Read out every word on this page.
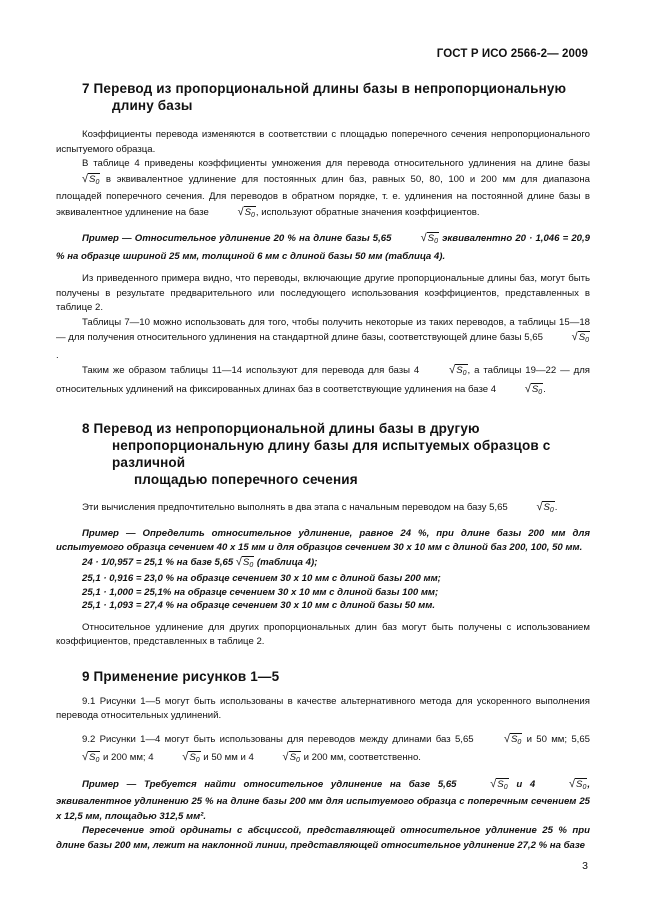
ГОСТ Р ИСО 2566-2— 2009
7 Перевод из пропорциональной длины базы в непропорциональную
длину базы

Коэффициенты перевода изменяются в соответствии с площадью поперечного сечения непропорционального испытуемого образца.

В таблице 4 приведены коэффициенты умножения для перевода относительного удлинения на длине базы $√S_0$ в эквивалентное удлинение для постоянных длин баз, равных 50, 80, 100 и 200 мм для диапазона площадей поперечного сечения. Для переводов в обратном порядке, т. е. удлинения на постоянной длине базы в эквивалентное удлинение на базе	$√S_0$, используют обратные значения коэффициентов.

Пример — Относительное удлинение 20 % на длине базы 5,65	$√S_0$ эквивалентно 20 · 1,046 = 20,9 % на образце шириной 25 мм, толщиной 6 мм с длиной базы 50 мм (таблица 4).

Из приведенного примера видно, что переводы, включающие другие пропорциональные длины баз, могут быть получены в результате предварительного или последующего использования коэффициентов, представленных в таблице 2.

Таблицы 7—10 можно использовать для того, чтобы получить некоторые из таких переводов, а таблицы 15—18 — для получения относительного удлинения на стандартной длине базы, соответствующей длине базы 5,65	$√S_0$.

Таким же образом таблицы 11—14 используют для перевода для базы 4	$√S_0$, а таблицы 19—22 — для относительных удлинений на фиксированных длинах баз в соответствующие удлинения на базе 4	$√S_0$.

8 Перевод из непропорциональной длины базы в другую
непропорциональную длину базы для испытуемых образцов с различной
площадью поперечного сечения

Эти вычисления предпочтительно выполнять в два этапа с начальным переводом на базу 5,65	$√S_0$.

Пример — Определить относительное удлинение, равное 24 %, при длине базы 200 мм для испытуемого образца сечением 40 x 15 мм и для образцов сечением 30 x 10 мм с длиной баз 200, 100, 50 мм.

24 · 1/0,957 = 25,1 % на базе 5,65 $√S_0$ (таблица 4);
25,1 · 0,916 = 23,0 % на образце сечением 30 x 10 мм с длиной базы 200 мм;
25,1 · 1,000 = 25,1% на образце сечением 30 x 10 мм с длиной базы 100 мм;
25,1 · 1,093 = 27,4 % на образце сечением 30 x 10 мм с длиной базы 50 мм.

Относительное удлинение для других пропорциональных длин баз могут быть получены с использованием коэффициентов, представленных в таблице 2.

9 Применение рисунков 1—5

9.1 Рисунки 1—5 могут быть использованы в качестве альтернативного метода для ускоренного выполнения перевода относительных удлинений.

9.2 Рисунки 1—4 могут быть использованы для переводов между длинами баз 5,65	$√S_0$ и 50 мм; $5,65√S_0$ и 200 мм; 4	$√S_0$ и 50 мм и 4	$√S_0$ и 200 мм, соответственно.

Пример — Требуется найти относительное удлинение на базе 5,65	$√S_0$ и 4	$√S_0$, эквивалентное удлинению 25 % на длине базы 200 мм для испытуемого образца с поперечным сечением 25 x 12,5 мм, площадью 312,5 мм².

Пересечение этой ординаты с абсциссой, представляющей относительное удлинение 25 % при длине базы 200 мм, лежит на наклонной линии, представляющей относительное удлинение 27,2 % на базе

3
